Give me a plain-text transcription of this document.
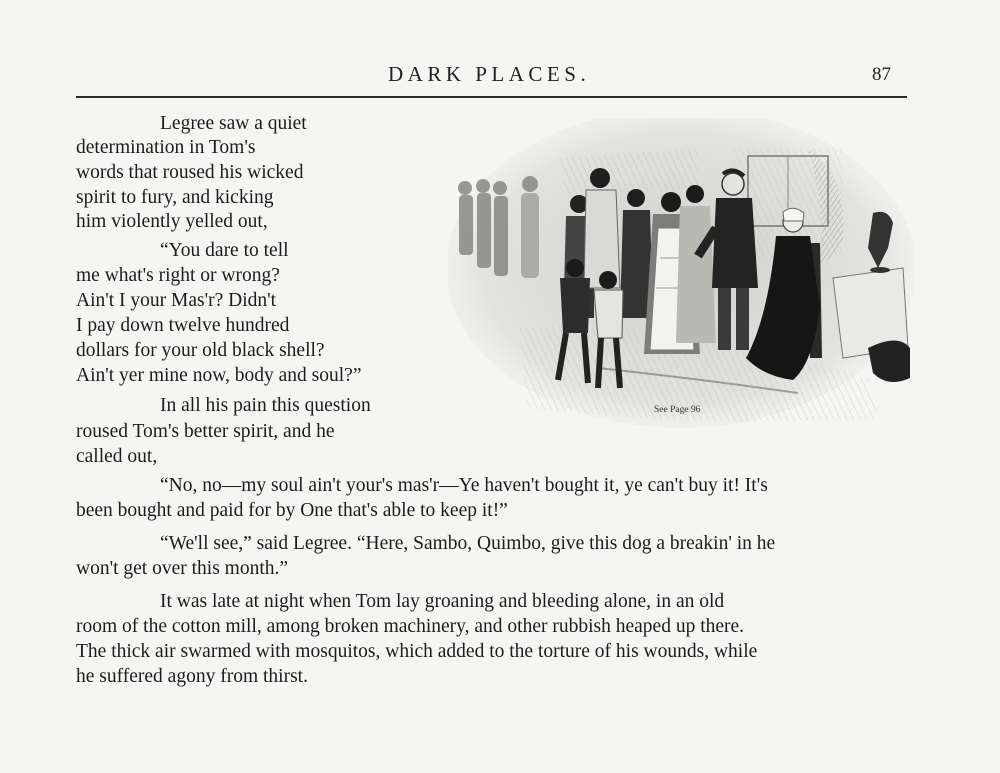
DARK PLACES.	87
Legree saw a quiet
determination in Tom's
words that roused his wicked
spirit to fury, and kicking
him violently yelled out,
“You dare to tell
me what's right or wrong?
Ain't I your Mas'r? Didn't
I pay down twelve hundred
dollars for your old black shell?
Ain't yer mine now, body and soul?”
In all his pain this question
roused Tom's better spirit, and he
called out,
“No, no—my soul ain't your's mas'r—Ye haven't bought it, ye can't buy it! It's
been bought and paid for by One that's able to keep it!”
“We'll see,” said Legree. “Here, Sambo, Quimbo, give this dog a breakin' in he
won't get over this month.”
It was late at night when Tom lay groaning and bleeding alone, in an old
room of the cotton mill, among broken machinery, and other rubbish heaped up there.
The thick air swarmed with mosquitos, which added to the torture of his wounds, while
he suffered agony from thirst.
See Page 96
